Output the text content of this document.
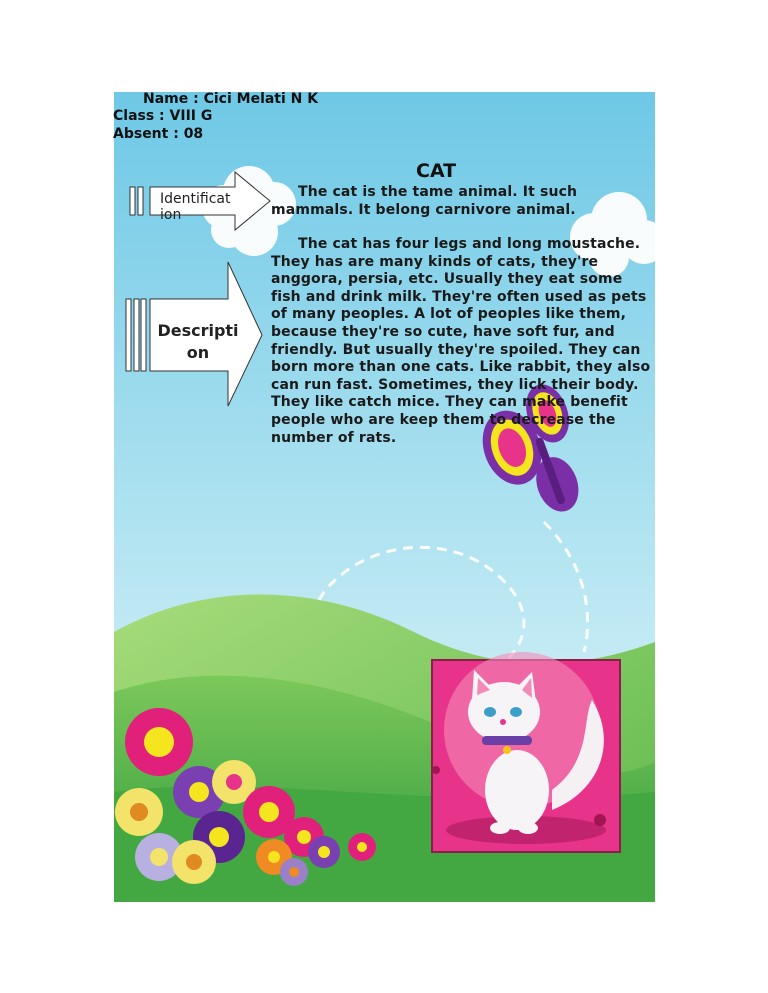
Name : Cici Melati N K
Class : VIII G
Absent : 08
Identificat ion
Descripti on
CAT

The cat is the tame animal. It such mammals. It belong carnivore animal.

The cat has four legs and long moustache. They has are many kinds of cats, they're anggora, persia, etc. Usually they eat some fish and drink milk. They're often used as pets of many peoples. A lot of peoples like them, because they're so cute, have soft fur, and friendly. But usually they're spoiled. They can born more than one cats. Like rabbit, they also can run fast. Sometimes, they lick their body. They like catch mice. They can make benefit people who are keep them to decrease the number of rats.
